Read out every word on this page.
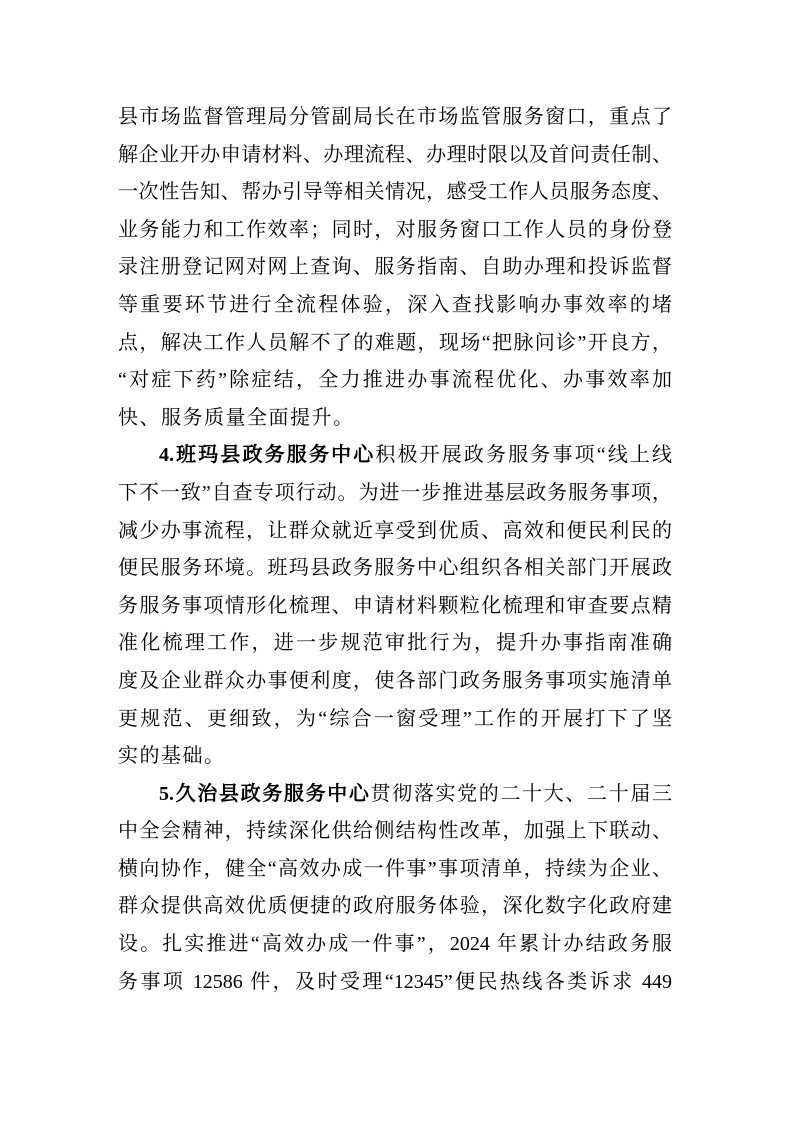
县市场监督管理局分管副局长在市场监管服务窗口，重点了
解企业开办申请材料、办理流程、办理时限以及首问责任制、
一次性告知、帮办引导等相关情况，感受工作人员服务态度、
业务能力和工作效率；同时，对服务窗口工作人员的身份登
录注册登记网对网上查询、服务指南、自助办理和投诉监督
等重要环节进行全流程体验，深入查找影响办事效率的堵
点，解决工作人员解不了的难题，现场“把脉问诊”开良方，
“对症下药”除症结，全力推进办事流程优化、办事效率加
快、服务质量全面提升。
4.班玛县政务服务中心积极开展政务服务事项“线上线
下不一致”自查专项行动。为进一步推进基层政务服务事项，
减少办事流程，让群众就近享受到优质、高效和便民利民的
便民服务环境。班玛县政务服务中心组织各相关部门开展政
务服务事项情形化梳理、申请材料颗粒化梳理和审查要点精
准化梳理工作，进一步规范审批行为，提升办事指南准确
度及企业群众办事便利度，使各部门政务服务事项实施清单
更规范、更细致，为“综合一窗受理”工作的开展打下了坚
实的基础。
5.久治县政务服务中心贯彻落实党的二十大、二十届三
中全会精神，持续深化供给侧结构性改革，加强上下联动、
横向协作，健全“高效办成一件事”事项清单，持续为企业、
群众提供高效优质便捷的政府服务体验，深化数字化政府建
设。扎实推进“高效办成一件事”，2024 年累计办结政务服
务事项 12586 件，及时受理“12345”便民热线各类诉求 449
